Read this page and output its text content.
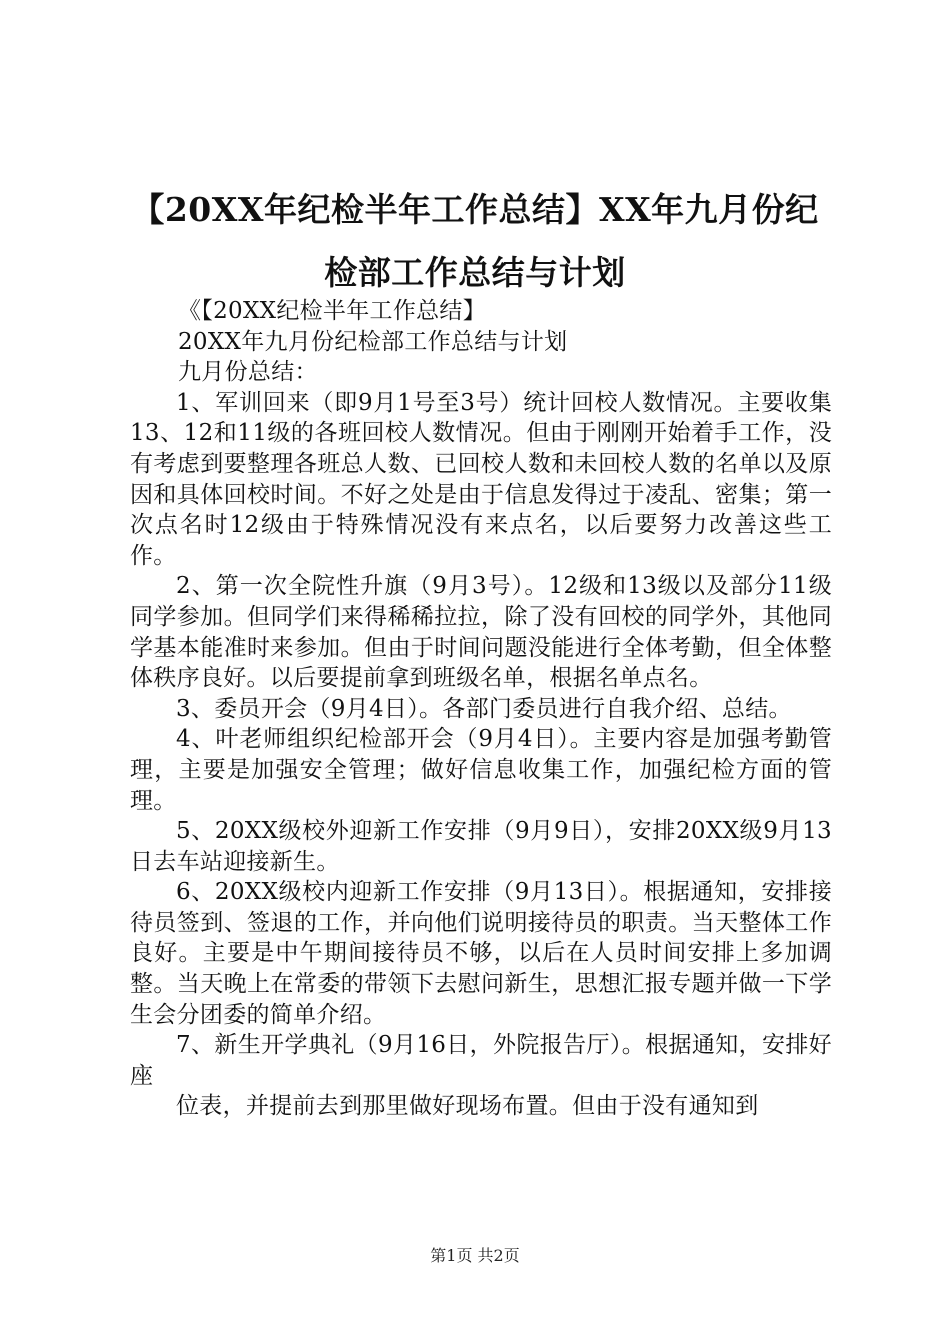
【20XX年纪检半年工作总结】XX年九月份纪
检部工作总结与计划

《【20XX纪检半年工作总结】

20XX年九月份纪检部工作总结与计划

九月份总结：

1、军训回来（即9月1号至3号）统计回校人数情况。主要收集13、12和11级的各班回校人数情况。但由于刚刚开始着手工作，没有考虑到要整理各班总人数、已回校人数和未回校人数的名单以及原因和具体回校时间。不好之处是由于信息发得过于凌乱、密集；第一次点名时12级由于特殊情况没有来点名，以后要努力改善这些工作。

2、第一次全院性升旗（9月3号）。12级和13级以及部分11级同学参加。但同学们来得稀稀拉拉，除了没有回校的同学外，其他同学基本能准时来参加。但由于时间问题没能进行全体考勤，但全体整体秩序良好。以后要提前拿到班级名单，根据名单点名。

3、委员开会（9月4日）。各部门委员进行自我介绍、总结。

4、叶老师组织纪检部开会（9月4日）。主要内容是加强考勤管理，主要是加强安全管理；做好信息收集工作，加强纪检方面的管理。

5、20XX级校外迎新工作安排（9月9日），安排20XX级9月13日去车站迎接新生。

6、20XX级校内迎新工作安排（9月13日）。根据通知，安排接待员签到、签退的工作，并向他们说明接待员的职责。当天整体工作良好。主要是中午期间接待员不够，以后在人员时间安排上多加调整。当天晚上在常委的带领下去慰问新生，思想汇报专题并做一下学生会分团委的简单介绍。

7、新生开学典礼（9月16日，外院报告厅）。根据通知，安排好座

位表，并提前去到那里做好现场布置。但由于没有通知到

第1页 共2页
